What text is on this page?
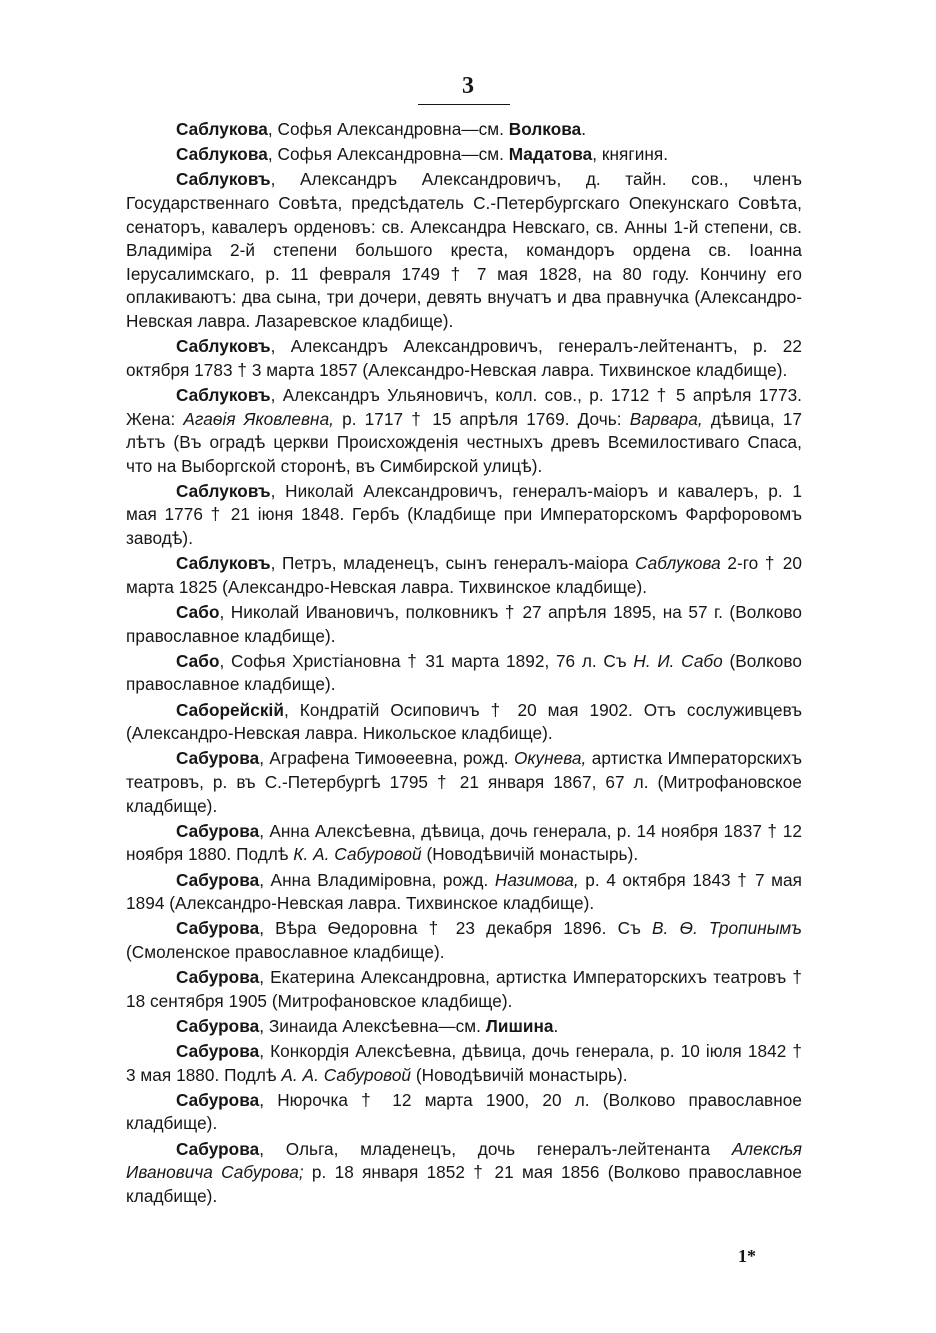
3

Саблукова, Софья Александровна—см. Волкова.

Саблукова, Софья Александровна—см. Мадатова, княгиня.

Саблуковъ, Александръ Александровичъ, д. тайн. сов., членъ Государственнаго Совѣта, предсѣдатель С.-Петербургскаго Опекунскаго Совѣта, сенаторъ, кавалеръ орденовъ: св. Александра Невскаго, св. Анны 1-й степени, св. Владиміра 2-й степени большого креста, командоръ ордена св. Іоанна Іерусалимскаго, р. 11 февраля 1749 † 7 мая 1828, на 80 году. Кончину его оплакиваютъ: два сына, три дочери, девять внучатъ и два правнучка (Александро-Невская лавра. Лазаревское кладбище).

Саблуковъ, Александръ Александровичъ, генералъ-лейтенантъ, р. 22 октября 1783 † 3 марта 1857 (Александро-Невская лавра. Тихвинское кладбище).

Саблуковъ, Александръ Ульяновичъ, колл. сов., р. 1712 † 5 апрѣля 1773. Жена: Агаѳія Яковлевна, р. 1717 † 15 апрѣля 1769. Дочь: Варвара, дѣвица, 17 лѣтъ (Въ оградѣ церкви Происхожденія честныхъ древъ Всемилостиваго Спаса, что на Выборгской сторонѣ, въ Симбирской улицѣ).

Саблуковъ, Николай Александровичъ, генералъ-маіоръ и кавалеръ, р. 1 мая 1776 † 21 іюня 1848. Гербъ (Кладбище при Императорскомъ Фарфоровомъ заводѣ).

Саблуковъ, Петръ, младенецъ, сынъ генералъ-маіора Саблукова 2-го † 20 марта 1825 (Александро-Невская лавра. Тихвинское кладбище).

Сабо, Николай Ивановичъ, полковникъ † 27 апрѣля 1895, на 57 г. (Волково православное кладбище).

Сабо, Софья Христіановна † 31 марта 1892, 76 л. Съ Н. И. Сабо (Волково православное кладбище).

Саборейскій, Кондратій Осиповичъ † 20 мая 1902. Отъ сослуживцевъ (Александро-Невская лавра. Никольское кладбище).

Сабурова, Аграфена Тимоѳеевна, рожд. Окунева, артистка Императорскихъ театровъ, р. въ С.-Петербургѣ 1795 † 21 января 1867, 67 л. (Митрофановское кладбище).

Сабурова, Анна Алексѣевна, дѣвица, дочь генерала, р. 14 ноября 1837 † 12 ноября 1880. Подлѣ К. А. Сабуровой (Новодѣвичій монастырь).

Сабурова, Анна Владиміровна, рожд. Назимова, р. 4 октября 1843 † 7 мая 1894 (Александро-Невская лавра. Тихвинское кладбище).

Сабурова, Вѣра Ѳедоровна † 23 декабря 1896. Съ В. Ѳ. Тропинымъ (Смоленское православное кладбище).

Сабурова, Екатерина Александровна, артистка Императорскихъ театровъ † 18 сентября 1905 (Митрофановское кладбище).

Сабурова, Зинаида Алексѣевна—см. Лишина.

Сабурова, Конкордія Алексѣевна, дѣвица, дочь генерала, р. 10 іюля 1842 † 3 мая 1880. Подлѣ А. А. Сабуровой (Новодѣвичій монастырь).

Сабурова, Нюрочка † 12 марта 1900, 20 л. (Волково православное кладбище).

Сабурова, Ольга, младенецъ, дочь генералъ-лейтенанта Алексѣя Ивановича Сабурова; р. 18 января 1852 † 21 мая 1856 (Волково православное кладбище).

1*
